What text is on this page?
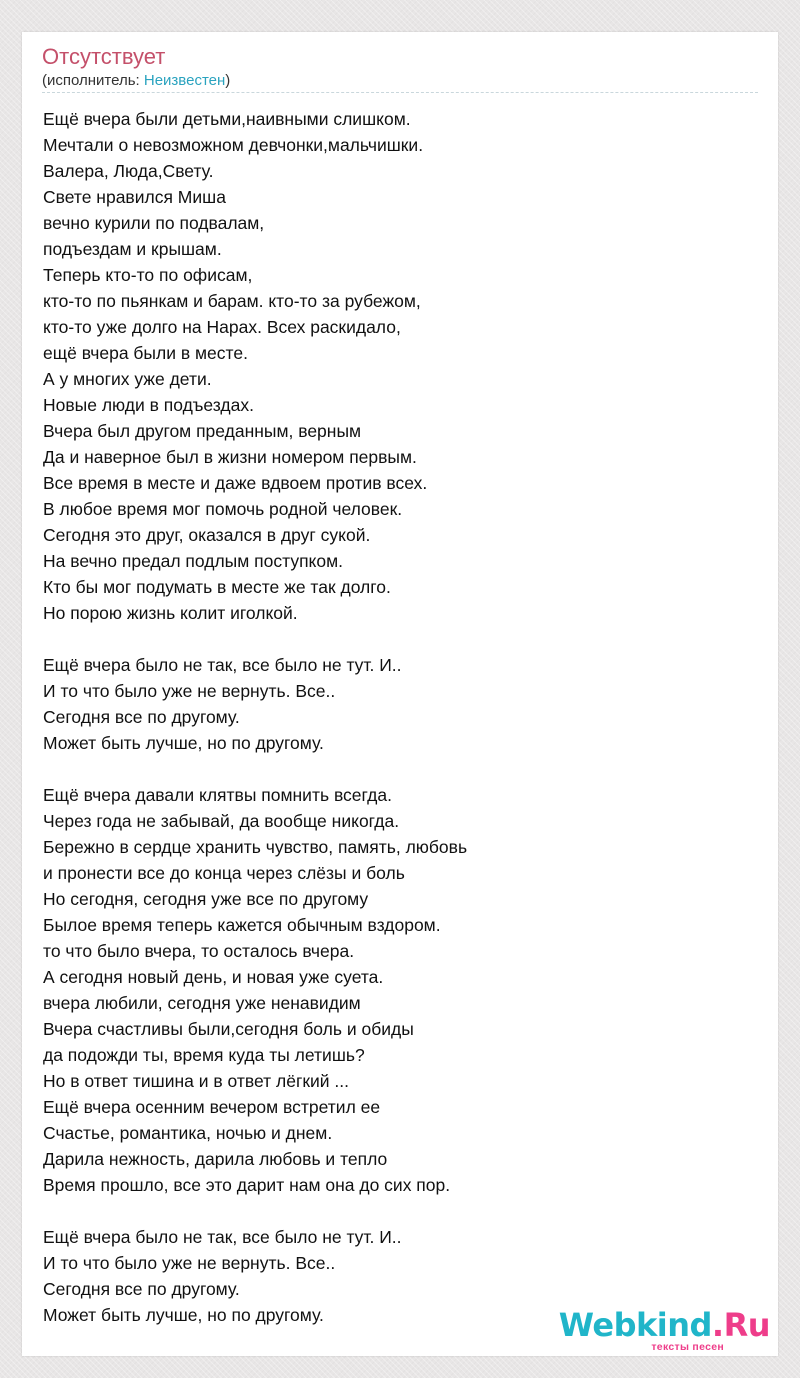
Отсутствует
(исполнитель: Неизвестен)
Ещё вчера были детьми,наивными слишком.
Мечтали о невозможном девчонки,мальчишки.
Валера, Люда,Свету.
Свете нравился Миша
вечно курили по подвалам,
подъездам и крышам.
Теперь кто-то по офисам,
кто-то по пьянкам и барам. кто-то за рубежом,
кто-то уже долго на Нарах. Всех раскидало,
ещё вчера были в месте.
А у многих уже дети.
Новые люди в подъездах.
Вчера был другом преданным, верным
Да и наверное был в жизни номером первым.
Все время в месте и даже вдвоем против всех.
В любое время мог помочь родной человек.
Сегодня это друг, оказался в друг сукой.
На вечно предал подлым поступком.
Кто бы мог подумать в месте же так долго.
Но порою жизнь колит иголкой.
Ещё вчера было не так, все было не тут. И..
И то что было уже не вернуть. Все..
Сегодня все по другому.
Может быть лучше, но по другому.
Ещё вчера давали клятвы помнить всегда.
Через года не забывай, да вообще никогда.
Бережно в сердце хранить чувство, память, любовь
и пронести все до конца через слёзы и боль
Но сегодня, сегодня уже все по другому
Былое время теперь кажется обычным вздором.
то что было вчера, то осталось вчера.
А сегодня новый день, и новая уже суета.
вчера любили, сегодня уже ненавидим
Вчера счастливы были,сегодня боль и обиды
да подожди ты, время куда ты летишь?
Но в ответ тишина и в ответ лёгкий ...
Ещё вчера осенним вечером встретил ее
Счастье, романтика, ночью и днем.
Дарила нежность, дарила любовь и тепло
Время прошло, все это дарит нам она до сих пор.
Ещё вчера было не так, все было не тут. И..
И то что было уже не вернуть. Все..
Сегодня все по другому.
Может быть лучше, но по другому.	Webkind.Ru
тексты песен
